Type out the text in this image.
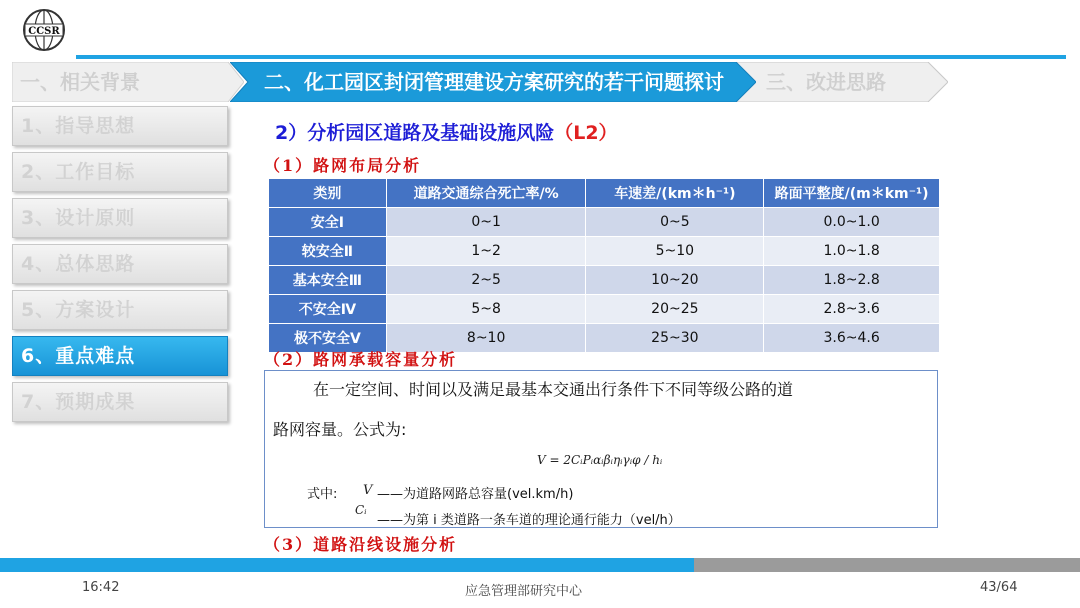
CCSR
一、相关背景	二、化工园区封闭管理建设方案研究的若干问题探讨	三、改进思路
1、指导思想
2、工作目标
3、设计原则
4、总体思路
5、方案设计
6、重点难点
7、预期成果
2）分析园区道路及基础设施风险（L2）
（1）路网布局分析
类别	道路交通综合死亡率/%	车速差/(km＊h⁻¹)	路面平整度/(m＊km⁻¹)
安全Ⅰ	0~1	0~5	0.0~1.0
较安全Ⅱ	1~2	5~10	1.0~1.8
基本安全Ⅲ	2~5	10~20	1.8~2.8
不安全Ⅳ	5~8	20~25	2.8~3.6
极不安全Ⅴ	8~10	25~30	3.6~4.6
（2）路网承载容量分析
在一定空间、时间以及满足最基本交通出行条件下不同等级公路的道
路网容量。公式为:
V = 2CᵢPᵢαᵢβᵢηᵢγᵢφ / hᵢ
式中: V ——为道路网路总容量(vel.km/h)
Cᵢ
——为第 i 类道路一条车道的理论通行能力（vel/h）
（3）道路沿线设施分析
16:42	应急管理部研究中心	43/64
